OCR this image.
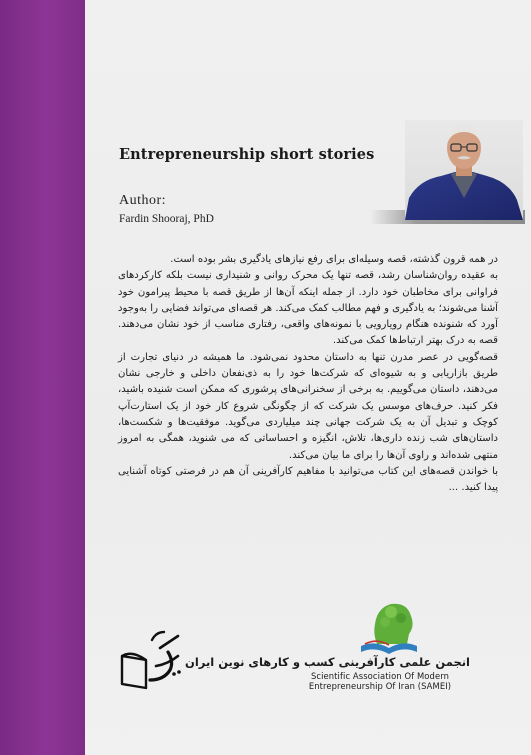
Entrepreneurship short stories
Author:
Fardin Shooraj, PhD

در همه قرون گذشته، قصه وسیله‌ای برای رفع نیازهای یادگیری بشر بوده است.

به عقیده روان‌شناسان رشد، قصه تنها یک محرک روانی و شنیداری نیست بلکه کارکردهای فراوانی برای مخاطبان خود دارد. از جمله اینکه آن‌ها از طریق قصه با محیط پیرامون خود آشنا می‌شوند؛ به یادگیری و فهم مطالب کمک می‌کند. هر قصه‌ای می‌تواند فضایی را به‌وجود آورد که شنونده هنگام رویارویی با نمونه‌های واقعی، رفتاری مناسب از خود نشان می‌دهند. قصه به درک بهتر ارتباط‌ها کمک می‌کند.

قصه‌گویی در عصر مدرن تنها به داستان محدود نمی‌شود. ما همیشه در دنیای تجارت از طریق بازاریابی و به شیوه‌ای که شرکت‌ها خود را به ذی‌نفعان داخلی و خارجی نشان می‌دهند، داستان می‌گوییم. به برخی از سخنرانی‌های پرشوری که ممکن است شنیده باشید، فکر کنید. حرف‌های موسس یک شرکت که از چگونگی شروع کار خود از یک استارت‌آپ کوچک و تبدیل آن به یک شرکت جهانی چند میلیاردی می‌گوید. موفقیت‌ها و شکست‌ها، داستان‌های شب زنده داری‌ها، تلاش، انگیزه و احساساتی که می شنوید، همگی به امروز منتهی شده‌اند و راوی آن‌ها را برای ما بیان می‌کند.

با خواندن قصه‌های این کتاب می‌توانید با مفاهیم کارآفرینی آن هم در فرصتی کوتاه آشنایی پیدا کنید. ...

انجمن علمی کارآفرینی کسب و کارهای نوین ایران
Scientific Association Of Modern
Entrepreneurship Of Iran (SAMEI)
